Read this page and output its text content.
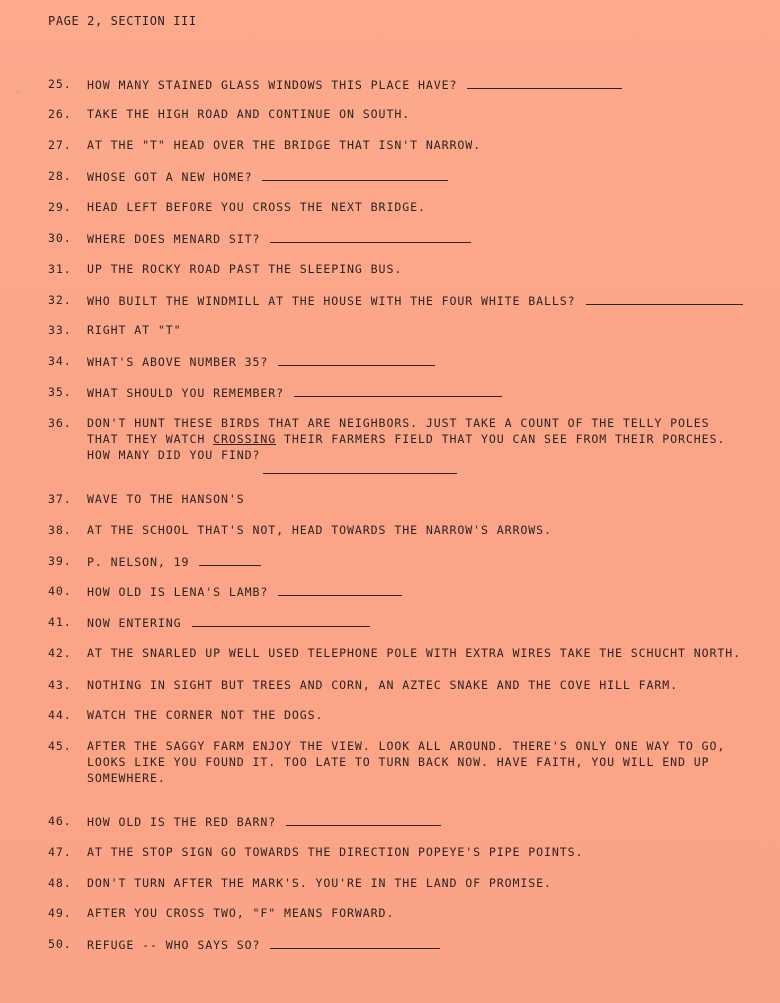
PAGE 2, SECTION III
⁘
25.	HOW MANY STAINED GLASS WINDOWS THIS PLACE HAVE?
26.	TAKE THE HIGH ROAD AND CONTINUE ON SOUTH.
27.	AT THE "T" HEAD OVER THE BRIDGE THAT ISN'T NARROW.
28.	WHOSE GOT A NEW HOME?
29.	HEAD LEFT BEFORE YOU CROSS THE NEXT BRIDGE.
30.	WHERE DOES MENARD SIT?
31.	UP THE ROCKY ROAD PAST THE SLEEPING BUS.
32.	WHO BUILT THE WINDMILL AT THE HOUSE WITH THE FOUR WHITE BALLS?
33.	RIGHT AT "T"
34.	WHAT'S ABOVE NUMBER 35?
35.	WHAT SHOULD YOU REMEMBER?
36.	DON'T HUNT THESE BIRDS THAT ARE NEIGHBORS. JUST TAKE A COUNT OF THE TELLY POLES
THAT THEY WATCH CROSSING THEIR FARMERS FIELD THAT YOU CAN SEE FROM THEIR PORCHES.
HOW MANY DID YOU FIND?
37.	WAVE TO THE HANSON'S
38.	AT THE SCHOOL THAT'S NOT, HEAD TOWARDS THE NARROW'S ARROWS.
39.	P. NELSON, 19
40.	HOW OLD IS LENA'S LAMB?
41.	NOW ENTERING
42.	AT THE SNARLED UP WELL USED TELEPHONE POLE WITH EXTRA WIRES TAKE THE SCHUCHT NORTH.
43.	NOTHING IN SIGHT BUT TREES AND CORN, AN AZTEC SNAKE AND THE COVE HILL FARM.
44.	WATCH THE CORNER NOT THE DOGS.
45.	AFTER THE SAGGY FARM ENJOY THE VIEW. LOOK ALL AROUND. THERE'S ONLY ONE WAY TO GO,
LOOKS LIKE YOU FOUND IT. TOO LATE TO TURN BACK NOW. HAVE FAITH, YOU WILL END UP
SOMEWHERE.
46.	HOW OLD IS THE RED BARN?
47.	AT THE STOP SIGN GO TOWARDS THE DIRECTION POPEYE'S PIPE POINTS.
48.	DON'T TURN AFTER THE MARK'S. YOU'RE IN THE LAND OF PROMISE.
49.	AFTER YOU CROSS TWO, "F" MEANS FORWARD.
50.	REFUGE -- WHO SAYS SO?
